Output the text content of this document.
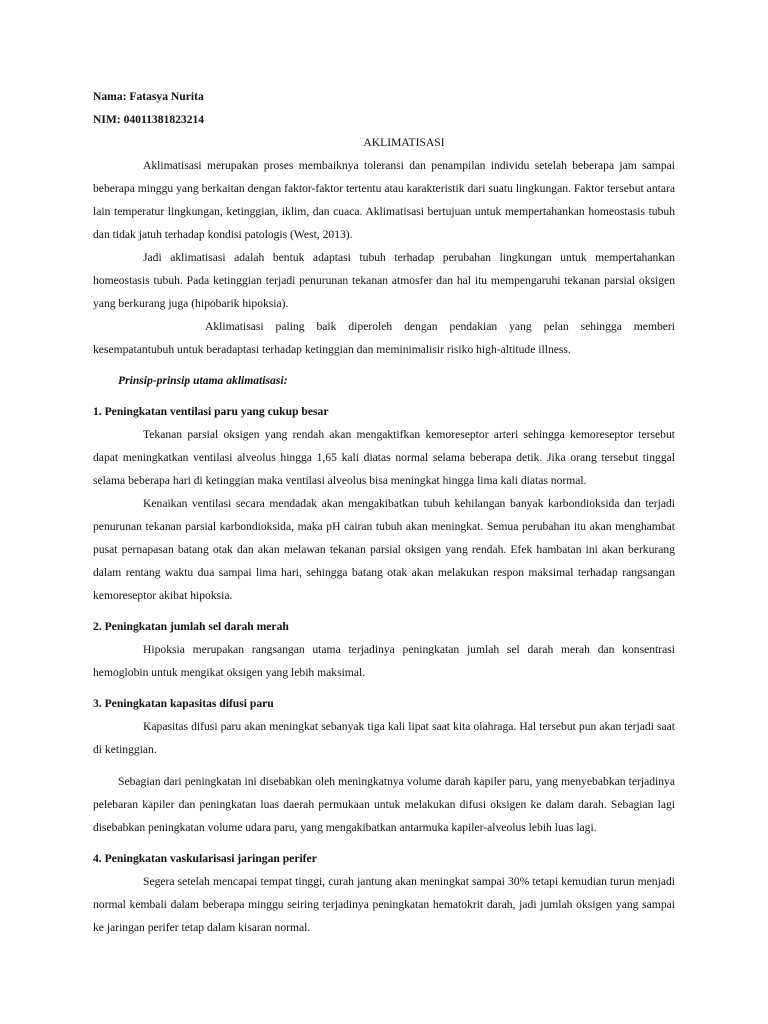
Nama: Fatasya Nurita

NIM: 04011381823214

AKLIMATISASI

Aklimatisasi merupakan proses membaiknya toleransi dan penampilan individu setelah beberapa jam sampai beberapa minggu yang berkaitan dengan faktor-faktor tertentu atau karakteristik dari suatu lingkungan. Faktor tersebut antara lain temperatur lingkungan, ketinggian, iklim, dan cuaca. Aklimatisasi bertujuan untuk mempertahankan homeostasis tubuh dan tidak jatuh terhadap kondisi patologis (West, 2013).

Jadi aklimatisasi adalah bentuk adaptasi tubuh terhadap perubahan lingkungan untuk mempertahankan homeostasis tubuh. Pada ketinggian terjadi penurunan tekanan atmosfer dan hal itu mempengaruhi tekanan parsial oksigen yang berkurang juga (hipobarik hipoksia).

Aklimatisasi paling baik diperoleh dengan pendakian yang pelan sehingga memberi kesempatantubuh untuk beradaptasi terhadap ketinggian dan meminimalisir risiko high-altitude illness.

Prinsip-prinsip utama aklimatisasi:

1. Peningkatan ventilasi paru yang cukup besar

Tekanan parsial oksigen yang rendah akan mengaktifkan kemoreseptor arteri sehingga kemoreseptor tersebut dapat meningkatkan ventilasi alveolus hingga 1,65 kali diatas normal selama beberapa detik. Jika orang tersebut tinggal selama beberapa hari di ketinggian maka ventilasi alveolus bisa meningkat hingga lima kali diatas normal.

Kenaikan ventilasi secara mendadak akan mengakibatkan tubuh kehilangan banyak karbondioksida dan terjadi penurunan tekanan parsial karbondioksida, maka pH cairan tubuh akan meningkat. Semua perubahan itu akan menghambat pusat pernapasan batang otak dan akan melawan tekanan parsial oksigen yang rendah. Efek hambatan ini akan berkurang dalam rentang waktu dua sampai lima hari, sehingga batang otak akan melakukan respon maksimal terhadap rangsangan kemoreseptor akibat hipoksia.

2. Peningkatan jumlah sel darah merah

Hipoksia merupakan rangsangan utama terjadinya peningkatan jumlah sel darah merah dan konsentrasi hemoglobin untuk mengikat oksigen yang lebih maksimal.

3. Peningkatan kapasitas difusi paru

Kapasitas difusi paru akan meningkat sebanyak tiga kali lipat saat kita olahraga. Hal tersebut pun akan terjadi saat di ketinggian.

Sebagian dari peningkatan ini disebabkan oleh meningkatnya volume darah kapiler paru, yang menyebabkan terjadinya pelebaran kapiler dan peningkatan luas daerah permukaan untuk melakukan difusi oksigen ke dalam darah. Sebagian lagi disebabkan peningkatan volume udara paru, yang mengakibatkan antarmuka kapiler-alveolus lebih luas lagi.

4. Peningkatan vaskularisasi jaringan perifer

Segera setelah mencapai tempat tinggi, curah jantung akan meningkat sampai 30% tetapi kemudian turun menjadi normal kembali dalam beberapa minggu seiring terjadinya peningkatan hematokrit darah, jadi jumlah oksigen yang sampai ke jaringan perifer tetap dalam kisaran normal.
